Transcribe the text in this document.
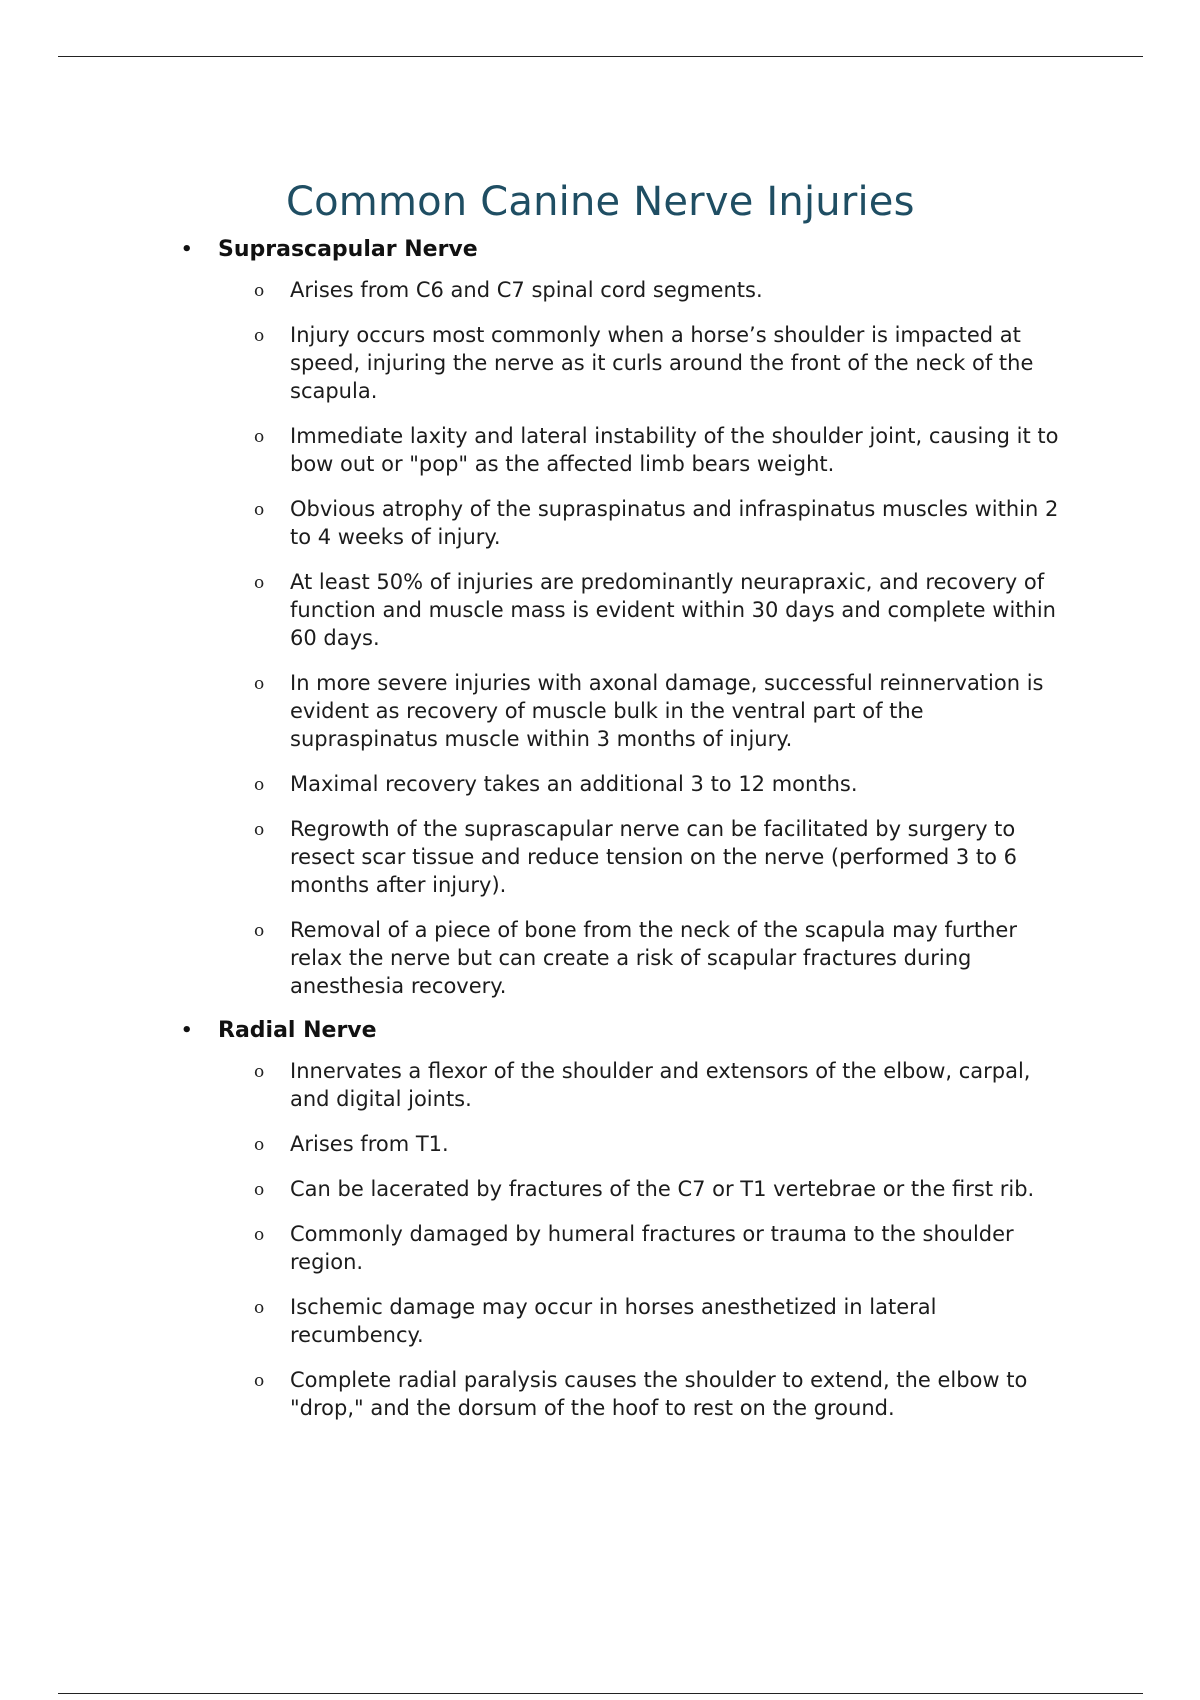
Common Canine Nerve Injuries
• Suprascapular Nerve
o Arises from C6 and C7 spinal cord segments.
o Injury occurs most commonly when a horse’s shoulder is impacted at speed, injuring the nerve as it curls around the front of the neck of the scapula.
o Immediate laxity and lateral instability of the shoulder joint, causing it to bow out or "pop" as the affected limb bears weight.
o Obvious atrophy of the supraspinatus and infraspinatus muscles within 2 to 4 weeks of injury.
o At least 50% of injuries are predominantly neurapraxic, and recovery of function and muscle mass is evident within 30 days and complete within 60 days.
o In more severe injuries with axonal damage, successful reinnervation is evident as recovery of muscle bulk in the ventral part of the supraspinatus muscle within 3 months of injury.
o Maximal recovery takes an additional 3 to 12 months.
o Regrowth of the suprascapular nerve can be facilitated by surgery to resect scar tissue and reduce tension on the nerve (performed 3 to 6 months after injury).
o Removal of a piece of bone from the neck of the scapula may further relax the nerve but can create a risk of scapular fractures during anesthesia recovery.
• Radial Nerve
o Innervates a flexor of the shoulder and extensors of the elbow, carpal, and digital joints.
o Arises from T1.
o Can be lacerated by fractures of the C7 or T1 vertebrae or the first rib.
o Commonly damaged by humeral fractures or trauma to the shoulder region.
o Ischemic damage may occur in horses anesthetized in lateral recumbency.
o Complete radial paralysis causes the shoulder to extend, the elbow to "drop," and the dorsum of the hoof to rest on the ground.
